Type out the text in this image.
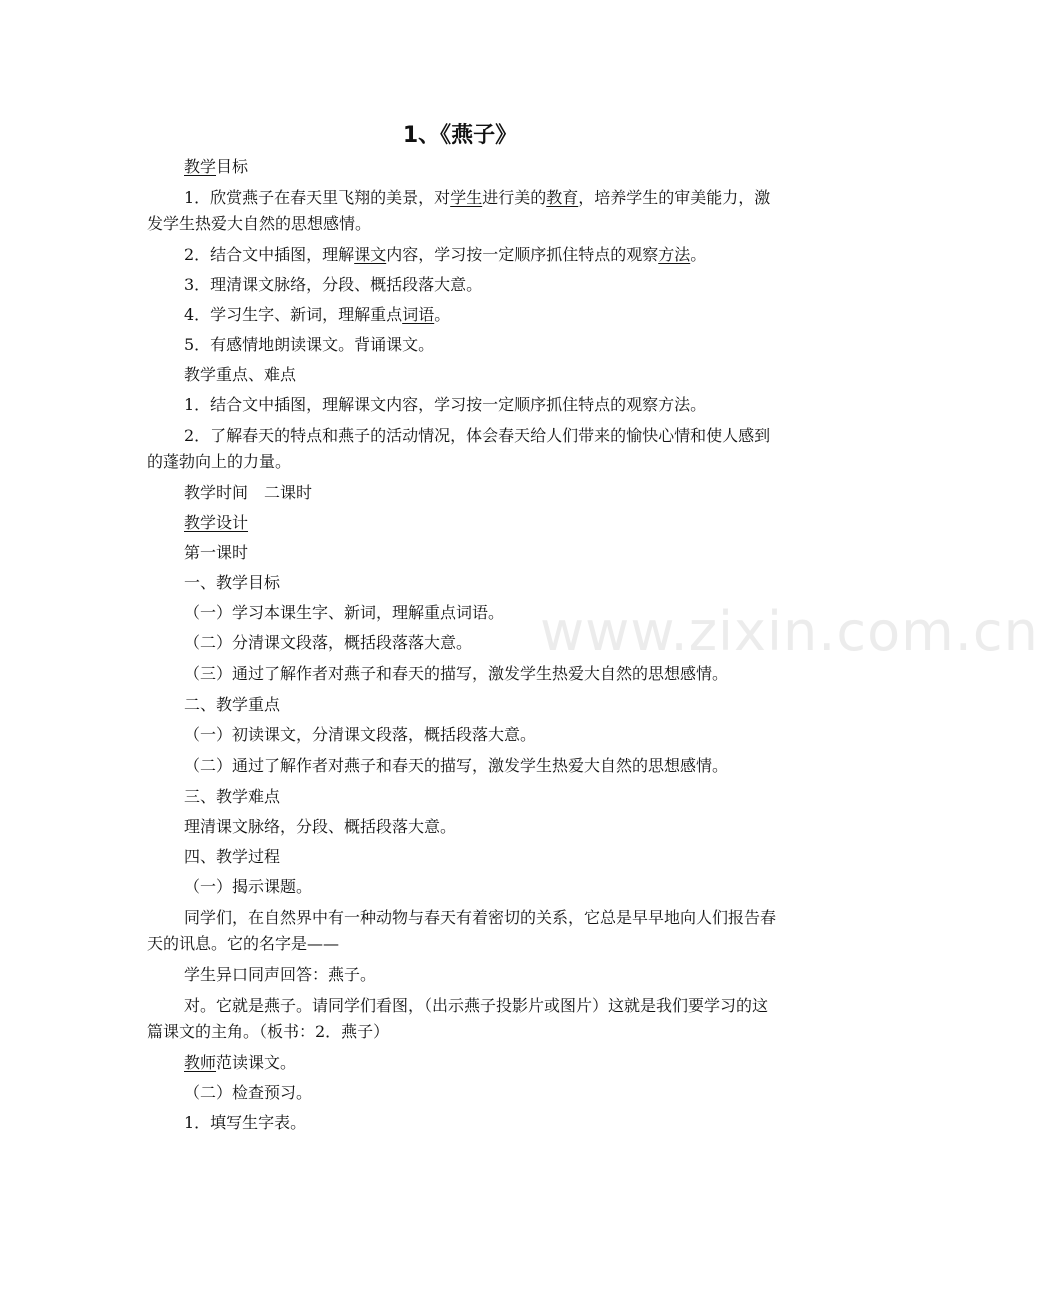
1、《燕子》
www.zixin.com.cn

教学目标

1．欣赏燕子在春天里飞翔的美景，对学生进行美的教育，培养学生的审美能力，激发学生热爱大自然的思想感情。

2．结合文中插图，理解课文内容，学习按一定顺序抓住特点的观察方法。

3．理清课文脉络，分段、概括段落大意。

4．学习生字、新词，理解重点词语。

5．有感情地朗读课文。背诵课文。

教学重点、难点

1．结合文中插图，理解课文内容，学习按一定顺序抓住特点的观察方法。

2．了解春天的特点和燕子的活动情况，体会春天给人们带来的愉快心情和使人感到的蓬勃向上的力量。

教学时间　二课时

教学设计

第一课时

一、教学目标

（一）学习本课生字、新词，理解重点词语。

（二）分清课文段落，概括段落落大意。

（三）通过了解作者对燕子和春天的描写，激发学生热爱大自然的思想感情。

二、教学重点

（一）初读课文，分清课文段落，概括段落大意。

（二）通过了解作者对燕子和春天的描写，激发学生热爱大自然的思想感情。

三、教学难点

理清课文脉络，分段、概括段落大意。

四、教学过程

（一）揭示课题。

同学们，在自然界中有一种动物与春天有着密切的关系，它总是早早地向人们报告春天的讯息。它的名字是——

学生异口同声回答：燕子。

对。它就是燕子。请同学们看图，（出示燕子投影片或图片）这就是我们要学习的这篇课文的主角。（板书：2．燕子）

教师范读课文。

（二）检查预习。

1．填写生字表。
